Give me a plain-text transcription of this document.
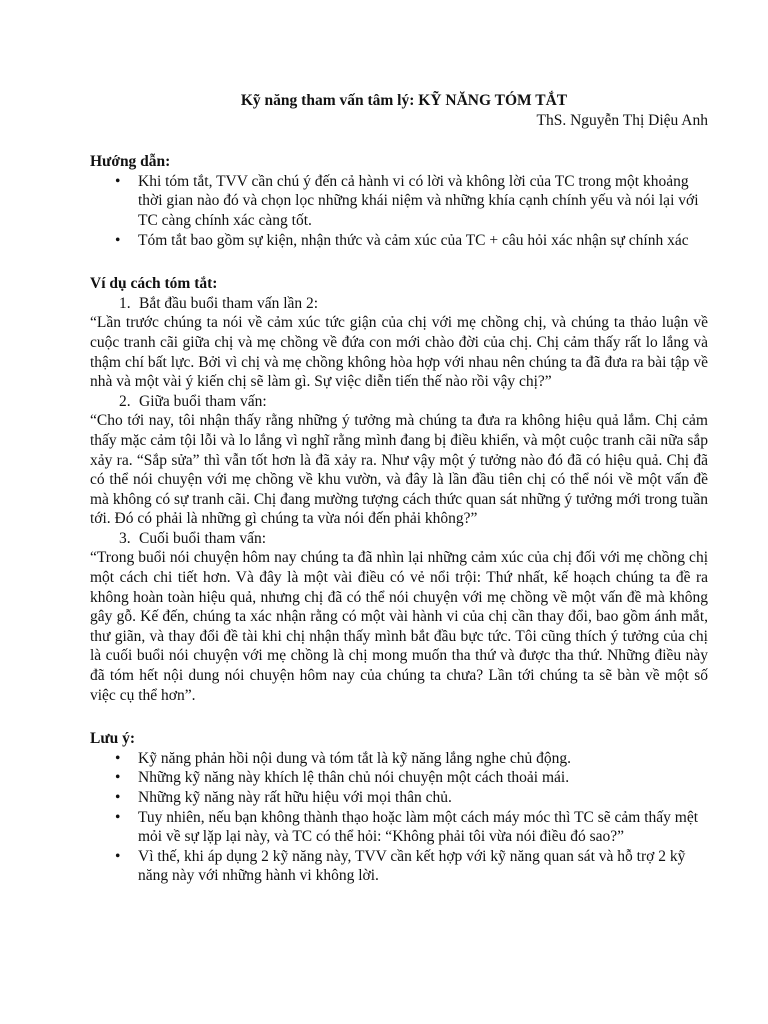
Kỹ năng tham vấn tâm lý: KỸ NĂNG TÓM TẮT

ThS. Nguyễn Thị Diệu Anh

Hướng dẫn:

• Khi tóm tắt, TVV cần chú ý đến cả hành vi có lời và không lời của TC trong một khoảng thời gian nào đó và chọn lọc những khái niệm và những khía cạnh chính yếu và nói lại với TC càng chính xác càng tốt.
• Tóm tắt bao gồm sự kiện, nhận thức và cảm xúc của TC + câu hỏi xác nhận sự chính xác

Ví dụ cách tóm tắt:

1. Bắt đầu buổi tham vấn lần 2:

“Lần trước chúng ta nói về cảm xúc tức giận của chị với mẹ chồng chị, và chúng ta thảo luận về cuộc tranh cãi giữa chị và mẹ chồng về đứa con mới chào đời của chị. Chị cảm thấy rất lo lắng và thậm chí bất lực. Bởi vì chị và mẹ chồng không hòa hợp với nhau nên chúng ta đã đưa ra bài tập về nhà và một vài ý kiến chị sẽ làm gì. Sự việc diễn tiến thế nào rồi vậy chị?”

2. Giữa buổi tham vấn:

“Cho tới nay, tôi nhận thấy rằng những ý tưởng mà chúng ta đưa ra không hiệu quả lắm. Chị cảm thấy mặc cảm tội lỗi và lo lắng vì nghĩ rằng mình đang bị điều khiển, và một cuộc tranh cãi nữa sắp xảy ra. “Sắp sửa” thì vẫn tốt hơn là đã xảy ra. Như vậy một ý tưởng nào đó đã có hiệu quả. Chị đã có thể nói chuyện với mẹ chồng về khu vườn, và đây là lần đầu tiên chị có thể nói về một vấn đề mà không có sự tranh cãi. Chị đang mường tượng cách thức quan sát những ý tưởng mới trong tuần tới. Đó có phải là những gì chúng ta vừa nói đến phải không?”

3. Cuối buổi tham vấn:

“Trong buổi nói chuyện hôm nay chúng ta đã nhìn lại những cảm xúc của chị đối với mẹ chồng chị một cách chi tiết hơn. Và đây là một vài điều có vẻ nổi trội: Thứ nhất, kế hoạch chúng ta đề ra không hoàn toàn hiệu quả, nhưng chị đã có thể nói chuyện với mẹ chồng về một vấn đề mà không gây gỗ. Kế đến, chúng ta xác nhận rằng có một vài hành vi của chị cần thay đổi, bao gồm ánh mắt, thư giãn, và thay đổi đề tài khi chị nhận thấy mình bắt đầu bực tức. Tôi cũng thích ý tưởng của chị là cuối buổi nói chuyện với mẹ chồng là chị mong muốn tha thứ và được tha thứ. Những điều này đã tóm hết nội dung nói chuyện hôm nay của chúng ta chưa? Lần tới chúng ta sẽ bàn về một số việc cụ thể hơn”.

Lưu ý:

• Kỹ năng phản hồi nội dung và tóm tắt là kỹ năng lắng nghe chủ động.
• Những kỹ năng này khích lệ thân chủ nói chuyện một cách thoải mái.
• Những kỹ năng này rất hữu hiệu với mọi thân chủ.
• Tuy nhiên, nếu bạn không thành thạo hoặc làm một cách máy móc thì TC sẽ cảm thấy mệt mỏi về sự lặp lại này, và TC có thể hỏi: “Không phải tôi vừa nói điều đó sao?”
• Vì thế, khi áp dụng 2 kỹ năng này, TVV cần kết hợp với kỹ năng quan sát và hỗ trợ 2 kỹ năng này với những hành vi không lời.
